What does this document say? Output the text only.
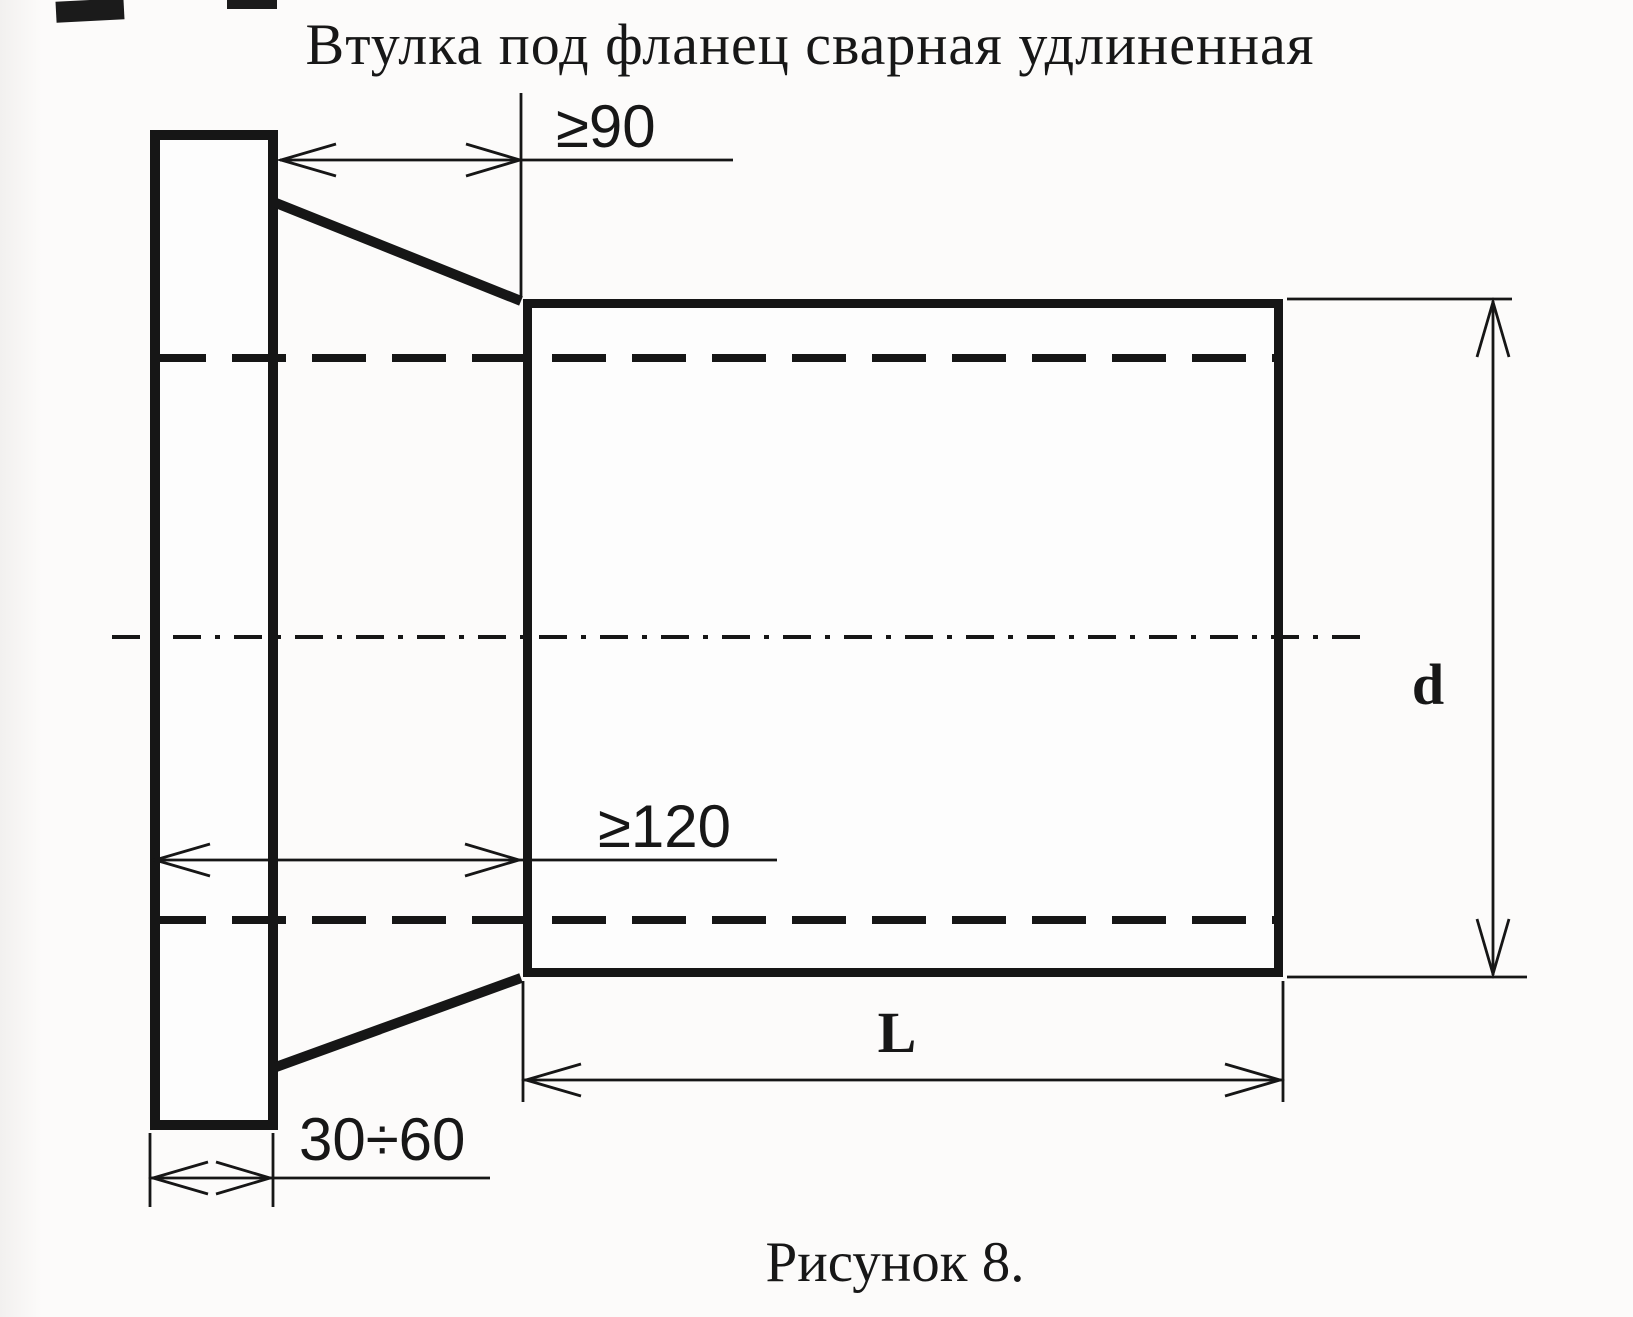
Втулка под фланец сварная удлиненная
≥90
≥120
30÷60
L
d
Рисунок 8.
